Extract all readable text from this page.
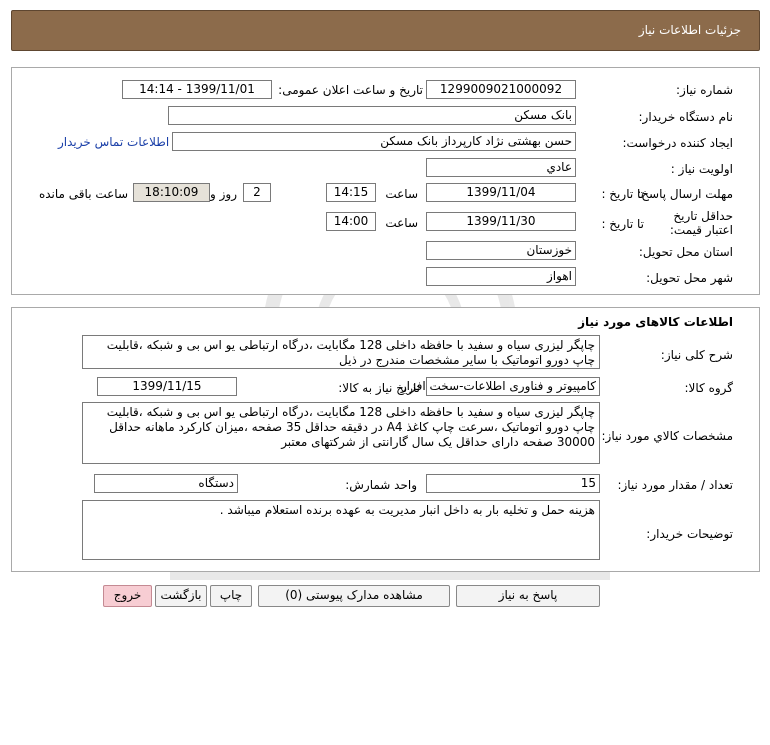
جزئیات اطلاعات نیاز
شماره نیاز:
1299009021000092
تاریخ و ساعت اعلان عمومی:
1399/11/01 - 14:14
نام دستگاه خریدار:
بانک مسکن
ایجاد کننده درخواست:
حسن بهشتی نژاد کارپرداز بانک مسکن
اطلاعات تماس خریدار
اولویت نیاز :
عادي
مهلت ارسال پاسخ:
تا تاریخ :
1399/11/04
ساعت
14:15
2
روز و
18:10:09
ساعت باقی مانده
حداقل تاریخ اعتبار قیمت:
تا تاریخ :
1399/11/30
ساعت
14:00
استان محل تحویل:
خوزستان
شهر محل تحویل:
اهواز
اطلاعات کالاهای مورد نیاز
شرح کلی نیاز:
چاپگر لیزری سیاه و سفید با حافظه داخلی 128 مگابایت ،درگاه ارتباطی یو اس بی و شبکه ،قابلیت چاپ دورو اتوماتیک با سایر مشخصات مندرج در ذیل
گروه کالا:
کامپیوتر و فناوری اطلاعات-سخت افزار
تاریخ نیاز به کالا:
1399/11/15
مشخصات کالاي مورد نیاز:
چاپگر لیزری سیاه و سفید با حافظه داخلی 128 مگابایت ،درگاه ارتباطی یو اس بی و شبکه ،قابلیت چاپ دورو اتوماتیک ،سرعت چاپ کاغذ A4 در دقیقه حداقل 35 صفحه ،میزان کارکرد ماهانه حداقل 30000 صفحه دارای حداقل یک سال گارانتی از شرکتهای معتبر
تعداد / مقدار مورد نیاز:
15
واحد شمارش:
دستگاه
توضیحات خریدار:
هزینه حمل و تخلیه بار به داخل انبار مدیریت به عهده برنده استعلام میباشد .
پاسخ به نیاز
مشاهده مدارک پیوستی (0)
چاپ
بازگشت
خروج
